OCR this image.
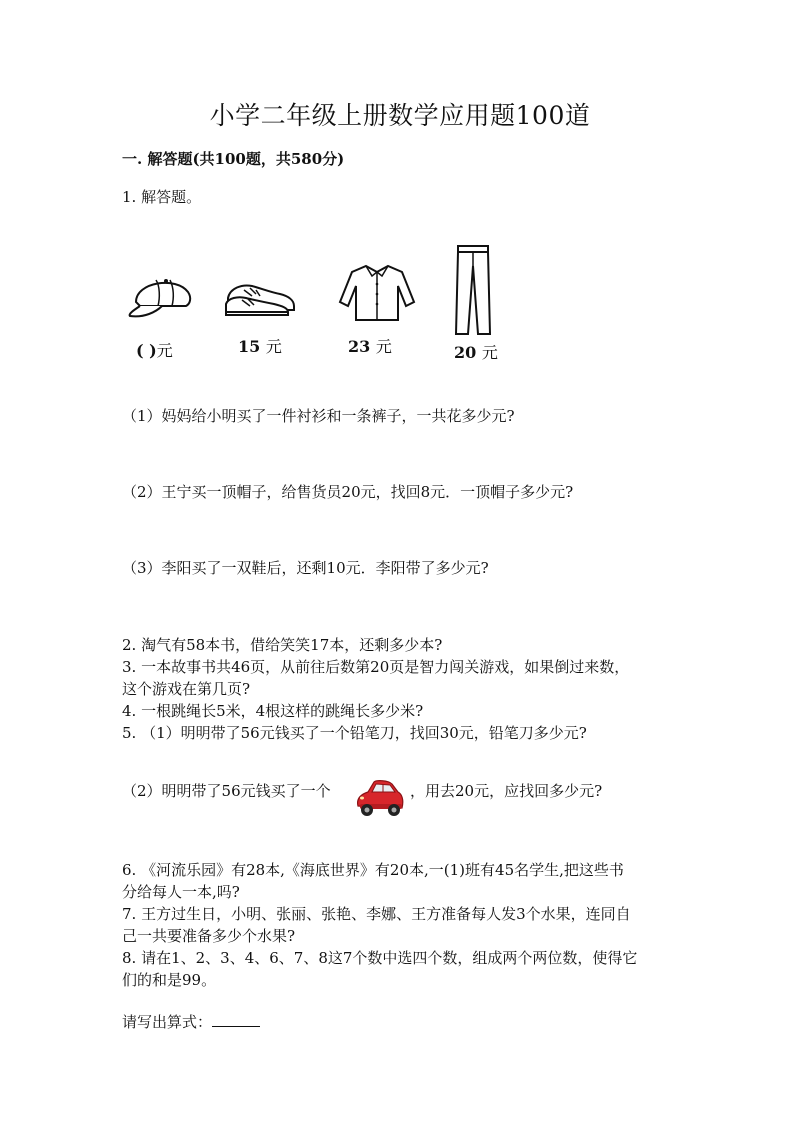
小学二年级上册数学应用题100道
一. 解答题(共100题，共580分)
1. 解答题。
( )元	15 元	23 元	20 元
（1）妈妈给小明买了一件衬衫和一条裤子，一共花多少元?
（2）王宁买一顶帽子，给售货员20元，找回8元．一顶帽子多少元?
（3）李阳买了一双鞋后，还剩10元．李阳带了多少元?
2. 淘气有58本书，借给笑笑17本，还剩多少本?
3. 一本故事书共46页，从前往后数第20页是智力闯关游戏，如果倒过来数，
这个游戏在第几页?
4. 一根跳绳长5米，4根这样的跳绳长多少米?
5. （1）明明带了56元钱买了一个铅笔刀，找回30元，铅笔刀多少元?
（2）明明带了56元钱买了一个	，用去20元，应找回多少元?
6. 《河流乐园》有28本,《海底世界》有20本,一(1)班有45名学生,把这些书
分给每人一本,吗?
7. 王方过生日，小明、张丽、张艳、李娜、王方准备每人发3个水果，连同自
己一共要准备多少个水果?
8. 请在1、2、3、4、6、7、8这7个数中选四个数，组成两个两位数，使得它
们的和是99。
请写出算式：
